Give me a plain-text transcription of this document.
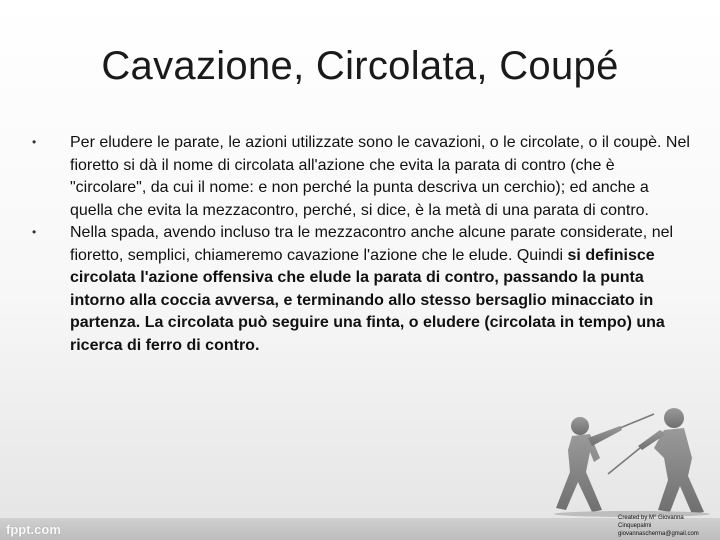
Cavazione, Circolata, Coupé
•	Per eludere le parate, le azioni utilizzate sono le cavazioni, o le circolate, o il coupè. Nel fioretto si dà il nome di circolata all'azione che evita la parata di contro (che è "circolare", da cui il nome: e non perché la punta descriva un cerchio); ed anche a quella che evita la mezzacontro, perché, si dice, è la metà di una parata di contro.
•	Nella spada, avendo incluso tra le mezzacontro anche alcune parate considerate, nel fioretto, semplici, chiameremo cavazione l'azione che le elude. Quindi si definisce circolata l'azione offensiva che elude la parata di contro, passando la punta intorno alla coccia avversa, e terminando allo stesso bersaglio minacciato in partenza. La circolata può seguire una finta, o eludere (circolata in tempo) una ricerca di ferro di contro.
fppt.com
Created by M° Giovanna Cinquepalmi
giovannascherma@gmail.com
